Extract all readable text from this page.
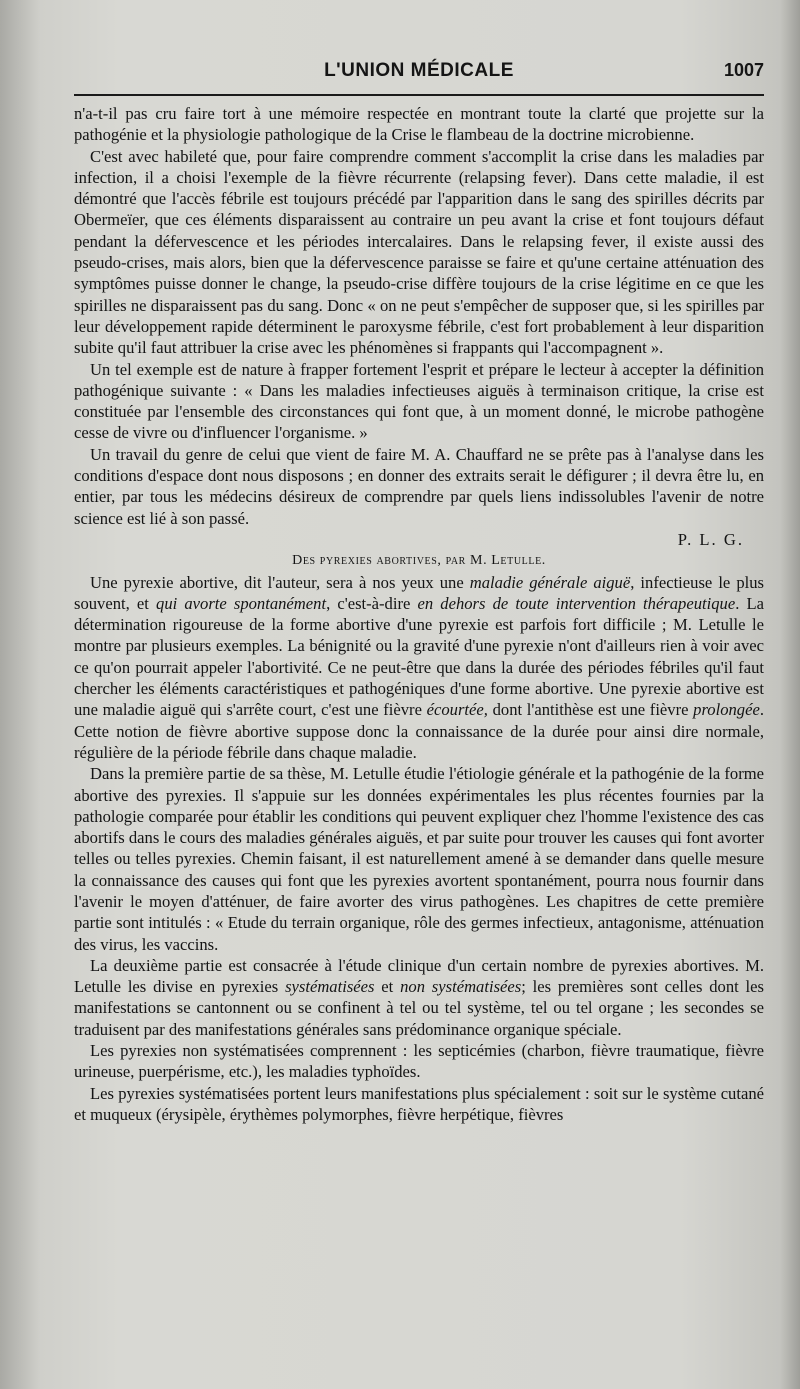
L'UNION MÉDICALE	1007

n'a-t-il pas cru faire tort à une mémoire respectée en montrant toute la clarté que projette sur la pathogénie et la physiologie pathologique de la Crise le flambeau de la doctrine microbienne.

C'est avec habileté que, pour faire comprendre comment s'accomplit la crise dans les maladies par infection, il a choisi l'exemple de la fièvre récurrente (relapsing fever). Dans cette maladie, il est démontré que l'accès fébrile est toujours précédé par l'apparition dans le sang des spirilles décrits par Obermeïer, que ces éléments disparaissent au contraire un peu avant la crise et font toujours défaut pendant la défervescence et les périodes intercalaires. Dans le relapsing fever, il existe aussi des pseudo-crises, mais alors, bien que la défervescence paraisse se faire et qu'une certaine atténuation des symptômes puisse donner le change, la pseudo-crise diffère toujours de la crise légitime en ce que les spirilles ne disparaissent pas du sang. Donc « on ne peut s'empêcher de supposer que, si les spirilles par leur développement rapide déterminent le paroxysme fébrile, c'est fort probablement à leur disparition subite qu'il faut attribuer la crise avec les phénomènes si frappants qui l'accompagnent ».

Un tel exemple est de nature à frapper fortement l'esprit et prépare le lecteur à accepter la définition pathogénique suivante : « Dans les maladies infectieuses aiguës à terminaison critique, la crise est constituée par l'ensemble des circonstances qui font que, à un moment donné, le microbe pathogène cesse de vivre ou d'influencer l'organisme. »

Un travail du genre de celui que vient de faire M. A. Chauffard ne se prête pas à l'analyse dans les conditions d'espace dont nous disposons ; en donner des extraits serait le défigurer ; il devra être lu, en entier, par tous les médecins désireux de comprendre par quels liens indissolubles l'avenir de notre science est lié à son passé.

P. L. G.

Des pyrexies abortives, par M. Letulle.

Une pyrexie abortive, dit l'auteur, sera à nos yeux une maladie générale aiguë, infectieuse le plus souvent, et qui avorte spontanément, c'est-à-dire en dehors de toute intervention thérapeutique. La détermination rigoureuse de la forme abortive d'une pyrexie est parfois fort difficile ; M. Letulle le montre par plusieurs exemples. La bénignité ou la gravité d'une pyrexie n'ont d'ailleurs rien à voir avec ce qu'on pourrait appeler l'abortivité. Ce ne peut-être que dans la durée des périodes fébriles qu'il faut chercher les éléments caractéristiques et pathogéniques d'une forme abortive. Une pyrexie abortive est une maladie aiguë qui s'arrête court, c'est une fièvre écourtée, dont l'antithèse est une fièvre prolongée. Cette notion de fièvre abortive suppose donc la connaissance de la durée pour ainsi dire normale, régulière de la période fébrile dans chaque maladie.

Dans la première partie de sa thèse, M. Letulle étudie l'étiologie générale et la pathogénie de la forme abortive des pyrexies. Il s'appuie sur les données expérimentales les plus récentes fournies par la pathologie comparée pour établir les conditions qui peuvent expliquer chez l'homme l'existence des cas abortifs dans le cours des maladies générales aiguës, et par suite pour trouver les causes qui font avorter telles ou telles pyrexies. Chemin faisant, il est naturellement amené à se demander dans quelle mesure la connaissance des causes qui font que les pyrexies avortent spontanément, pourra nous fournir dans l'avenir le moyen d'atténuer, de faire avorter des virus pathogènes. Les chapitres de cette première partie sont intitulés : « Etude du terrain organique, rôle des germes infectieux, antagonisme, atténuation des virus, les vaccins.

La deuxième partie est consacrée à l'étude clinique d'un certain nombre de pyrexies abortives. M. Letulle les divise en pyrexies systématisées et non systématisées; les premières sont celles dont les manifestations se cantonnent ou se confinent à tel ou tel système, tel ou tel organe ; les secondes se traduisent par des manifestations générales sans prédominance organique spéciale.

Les pyrexies non systématisées comprennent : les septicémies (charbon, fièvre traumatique, fièvre urineuse, puerpérisme, etc.), les maladies typhoïdes.

Les pyrexies systématisées portent leurs manifestations plus spécialement : soit sur le système cutané et muqueux (érysipèle, érythèmes polymorphes, fièvre herpétique, fièvres
